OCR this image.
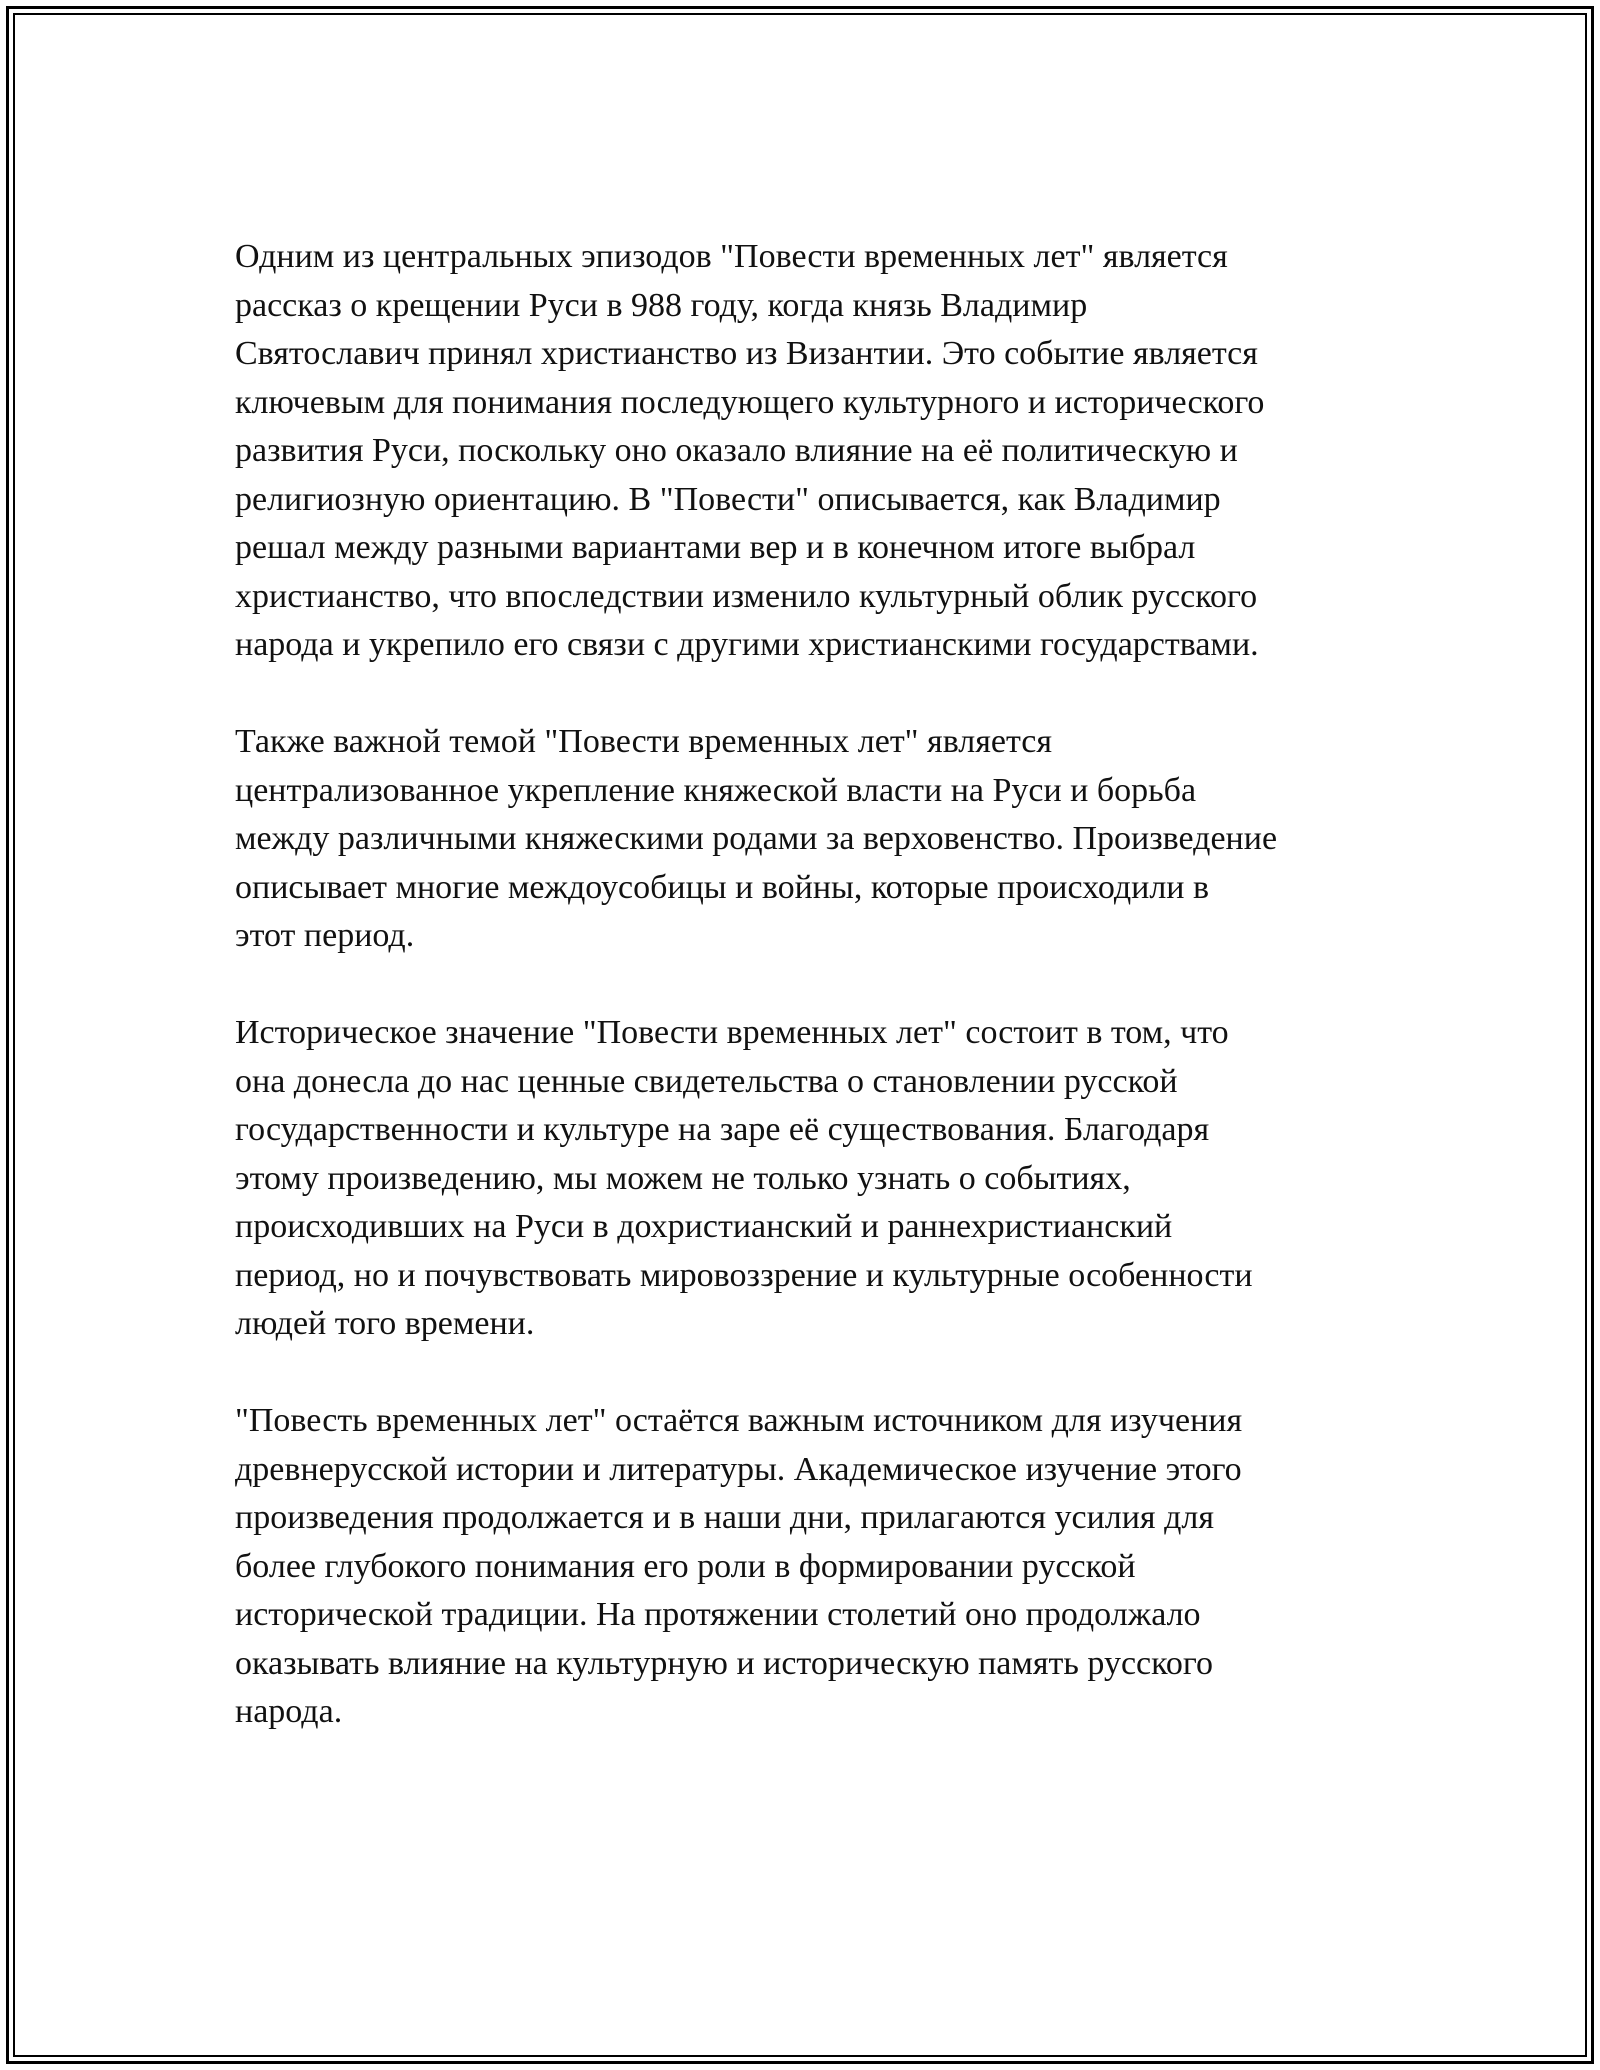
Одним из центральных эпизодов "Повести временных лет" является
рассказ о крещении Руси в 988 году, когда князь Владимир
Святославич принял христианство из Византии. Это событие является
ключевым для понимания последующего культурного и исторического
развития Руси, поскольку оно оказало влияние на её политическую и
религиозную ориентацию. В "Повести" описывается, как Владимир
решал между разными вариантами вер и в конечном итоге выбрал
христианство, что впоследствии изменило культурный облик русского
народа и укрепило его связи с другими христианскими государствами.

Также важной темой "Повести временных лет" является
централизованное укрепление княжеской власти на Руси и борьба
между различными княжескими родами за верховенство. Произведение
описывает многие междоусобицы и войны, которые происходили в
этот период.

Историческое значение "Повести временных лет" состоит в том, что
она донесла до нас ценные свидетельства о становлении русской
государственности и культуре на заре её существования. Благодаря
этому произведению, мы можем не только узнать о событиях,
происходивших на Руси в дохристианский и раннехристианский
период, но и почувствовать мировоззрение и культурные особенности
людей того времени.

"Повесть временных лет" остаётся важным источником для изучения
древнерусской истории и литературы. Академическое изучение этого
произведения продолжается и в наши дни, прилагаются усилия для
более глубокого понимания его роли в формировании русской
исторической традиции. На протяжении столетий оно продолжало
оказывать влияние на культурную и историческую память русского
народа.
